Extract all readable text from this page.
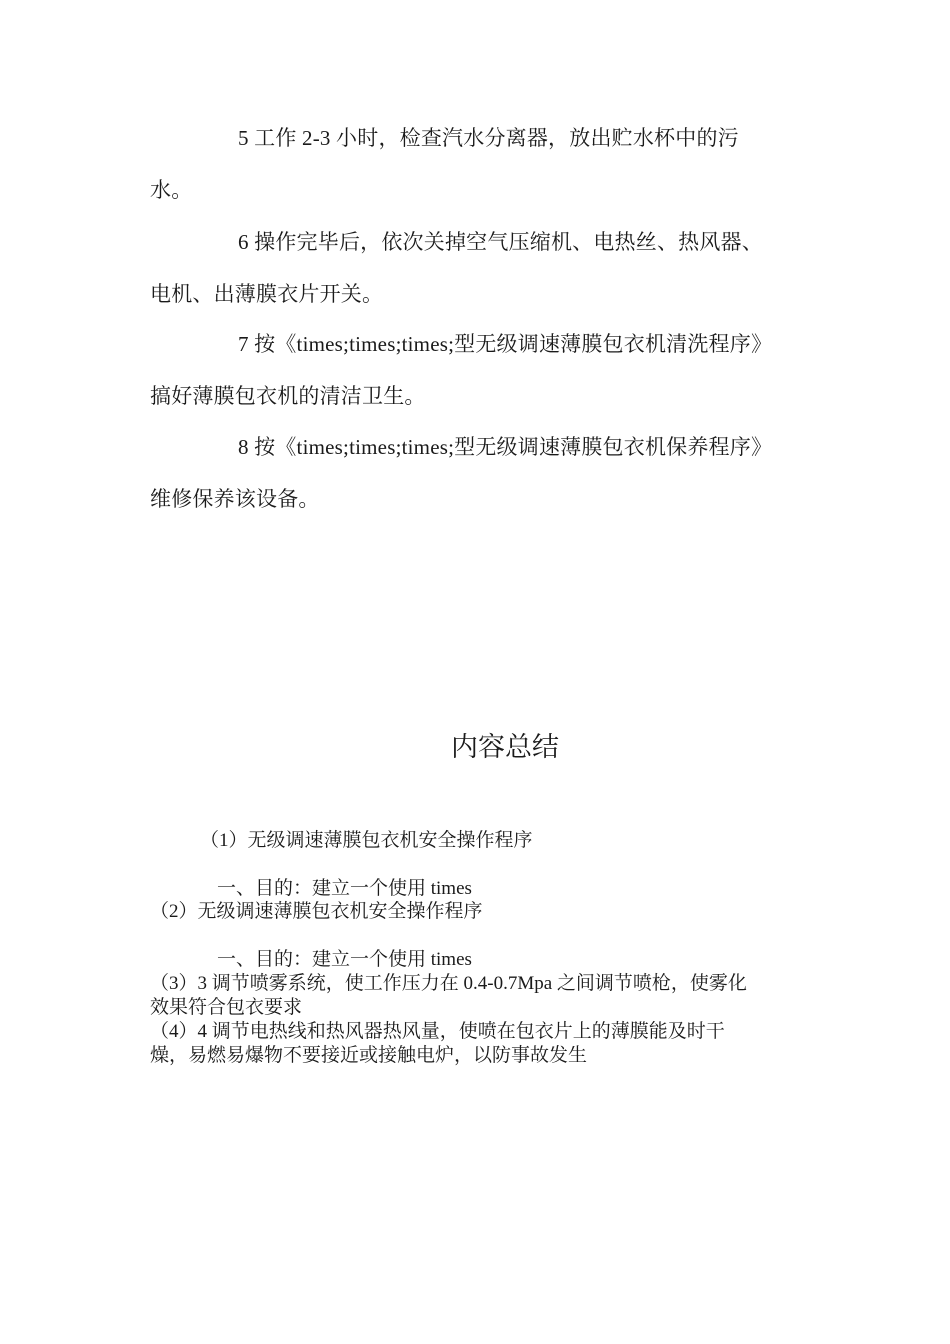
5 工作 2-3 小时，检查汽水分离器，放出贮水杯中的污
水。
6 操作完毕后，依次关掉空气压缩机、电热丝、热风器、
电机、出薄膜衣片开关。
7 按《times;times;times;型无级调速薄膜包衣机清洗程序》
搞好薄膜包衣机的清洁卫生。
8 按《times;times;times;型无级调速薄膜包衣机保养程序》
维修保养该设备。
内容总结
（1）无级调速薄膜包衣机安全操作程序
一、目的：建立一个使用 times
（2）无级调速薄膜包衣机安全操作程序
一、目的：建立一个使用 times
（3）3 调节喷雾系统，使工作压力在 0.4-0.7Mpa 之间调节喷枪，使雾化
效果符合包衣要求
（4）4 调节电热线和热风器热风量，使喷在包衣片上的薄膜能及时干
燥，易燃易爆物不要接近或接触电炉，以防事故发生
